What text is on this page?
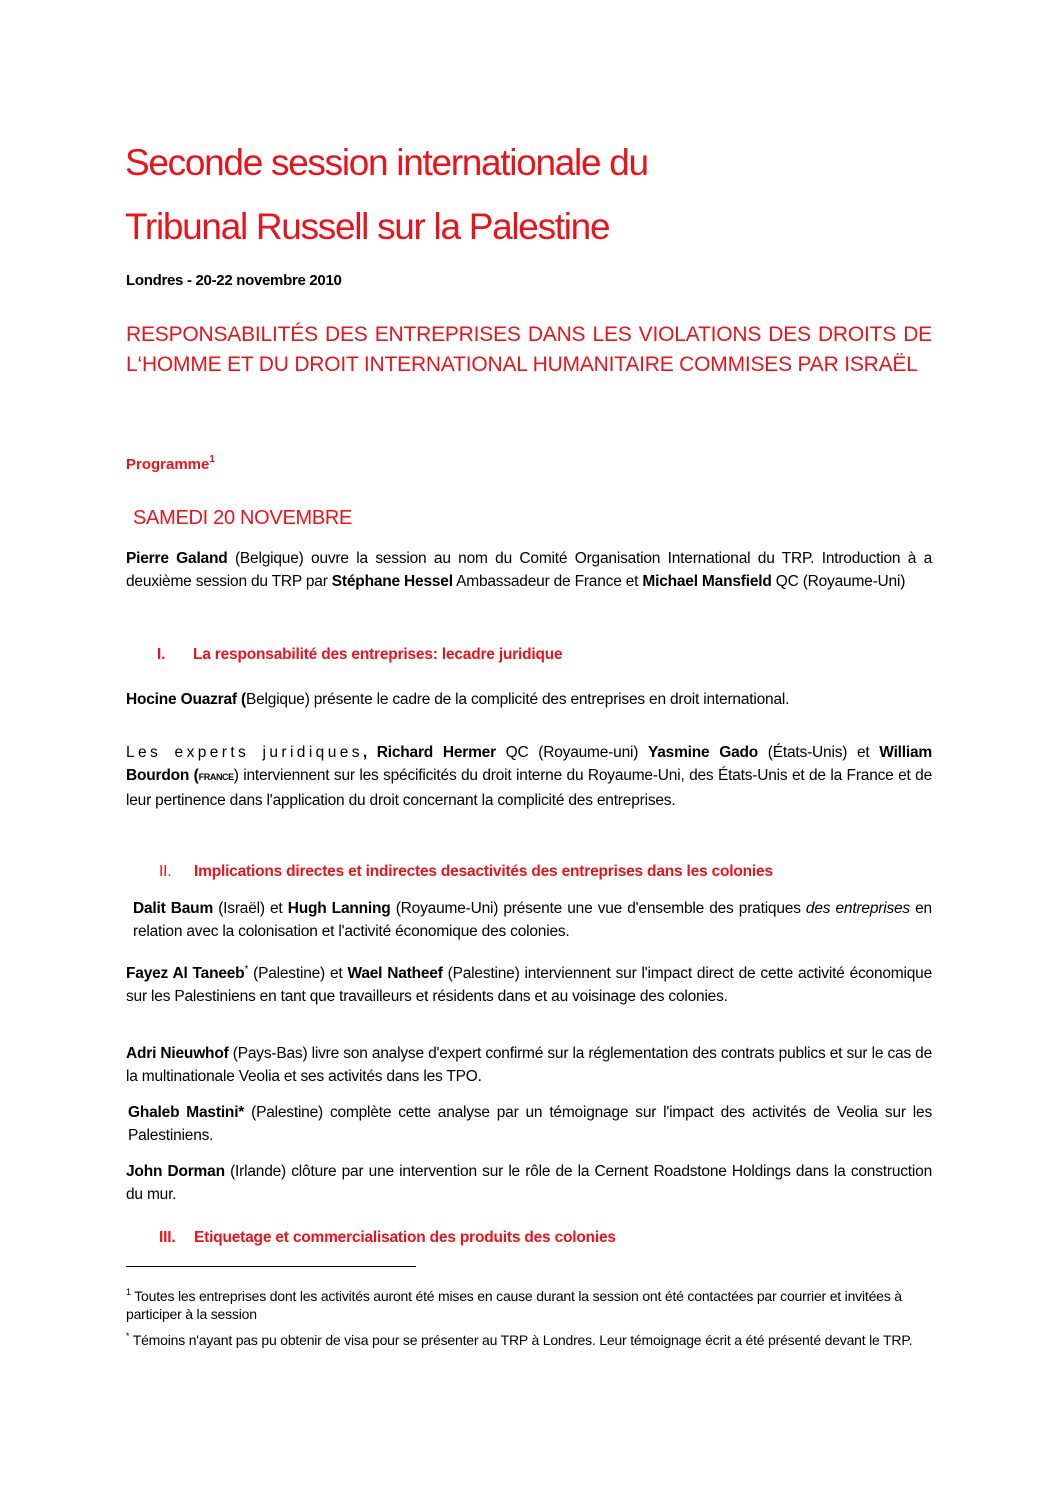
Seconde session internationale du
Tribunal Russell sur la Palestine
Londres - 20-22 novembre 2010
RESPONSABILITÉS DES ENTREPRISES DANS LES VIOLATIONS DES DROITS DE L‘HOMME ET DU DROIT INTERNATIONAL HUMANITAIRE COMMISES PAR ISRAËL
Programme$^1$
SAMEDI 20 NOVEMBRE
Pierre Galand (Belgique) ouvre la session au nom du Comité Organisation International du TRP. Introduction à a deuxième session du TRP par Stéphane Hessel Ambassadeur de France et Michael Mansfield QC (Royaume-Uni)
I. La responsabilité des entreprises: lecadre juridique
Hocine Ouazraf (Belgique) présente le cadre de la complicité des entreprises en droit international.
Les experts juridiques, Richard Hermer QC (Royaume-uni) Yasmine Gado (États-Unis) et William Bourdon (FRANCE) interviennent sur les spécificités du droit interne du Royaume-Uni, des États-Unis et de la France et de leur pertinence dans l'application du droit concernant la complicité des entreprises.
II. Implications directes et indirectes desactivités des entreprises dans les colonies
Dalit Baum (Israël) et Hugh Lanning (Royaume-Uni) présente une vue d'ensemble des pratiques des entreprises en relation avec la colonisation et l'activité économique des colonies.
Fayez Al Taneeb* (Palestine) et Wael Natheef (Palestine) interviennent sur l'impact direct de cette activité économique sur les Palestiniens en tant que travailleurs et résidents dans et au voisinage des colonies.
Adri Nieuwhof (Pays-Bas) livre son analyse d'expert confirmé sur la réglementation des contrats publics et sur le cas de la multinationale Veolia et ses activités dans les TPO.
Ghaleb Mastini* (Palestine) complète cette analyse par un témoignage sur l'impact des activités de Veolia sur les Palestiniens.
John Dorman (Irlande) clôture par une intervention sur le rôle de la Cernent Roadstone Holdings dans la construction du mur.
III. Etiquetage et commercialisation des produits des colonies
$^1$ Toutes les entreprises dont les activités auront été mises en cause durant la session ont été contactées par courrier et invitées à participer à la session
* Témoins n'ayant pas pu obtenir de visa pour se présenter au TRP à Londres. Leur témoignage écrit a été présenté devant le TRP.
